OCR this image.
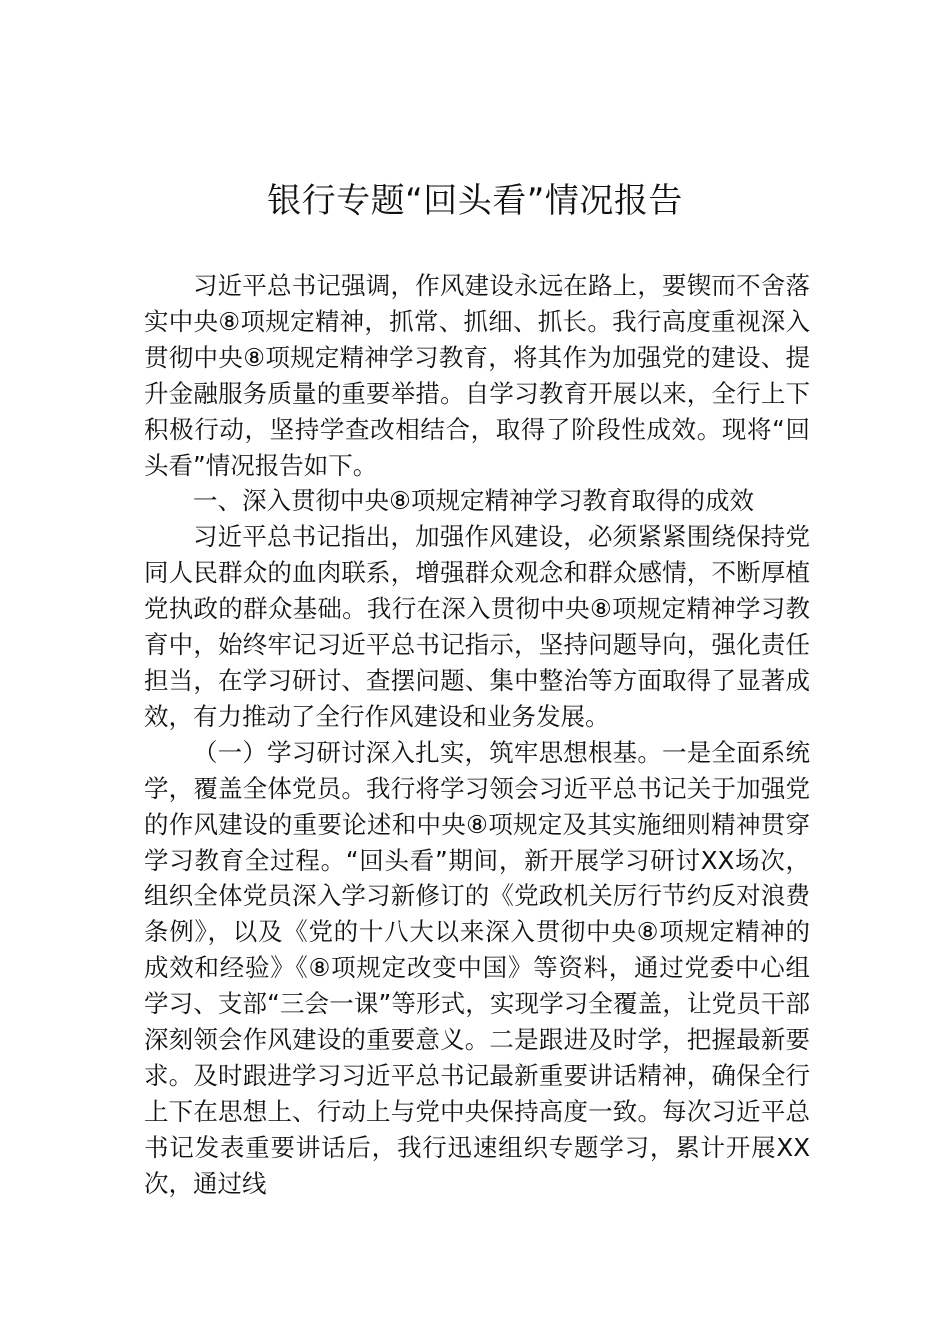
银行专题“回头看”情况报告

习近平总书记强调，作风建设永远在路上，要锲而不舍落实中央⑧项规定精神，抓常、抓细、抓长。我行高度重视深入贯彻中央⑧项规定精神学习教育，将其作为加强党的建设、提升金融服务质量的重要举措。自学习教育开展以来，全行上下积极行动，坚持学查改相结合，取得了阶段性成效。现将“回头看”情况报告如下。

一、深入贯彻中央⑧项规定精神学习教育取得的成效

习近平总书记指出，加强作风建设，必须紧紧围绕保持党同人民群众的血肉联系，增强群众观念和群众感情，不断厚植党执政的群众基础。我行在深入贯彻中央⑧项规定精神学习教育中，始终牢记习近平总书记指示，坚持问题导向，强化责任担当，在学习研讨、查摆问题、集中整治等方面取得了显著成效，有力推动了全行作风建设和业务发展。

（一）学习研讨深入扎实，筑牢思想根基。一是全面系统学，覆盖全体党员。我行将学习领会习近平总书记关于加强党的作风建设的重要论述和中央⑧项规定及其实施细则精神贯穿学习教育全过程。“回头看”期间，新开展学习研讨XX场次，组织全体党员深入学习新修订的《党政机关厉行节约反对浪费条例》，以及《党的十八大以来深入贯彻中央⑧项规定精神的成效和经验》《⑧项规定改变中国》等资料，通过党委中心组学习、支部“三会一课”等形式，实现学习全覆盖，让党员干部深刻领会作风建设的重要意义。二是跟进及时学，把握最新要求。及时跟进学习习近平总书记最新重要讲话精神，确保全行上下在思想上、行动上与党中央保持高度一致。每次习近平总书记发表重要讲话后，我行迅速组织专题学习，累计开展XX次，通过线
